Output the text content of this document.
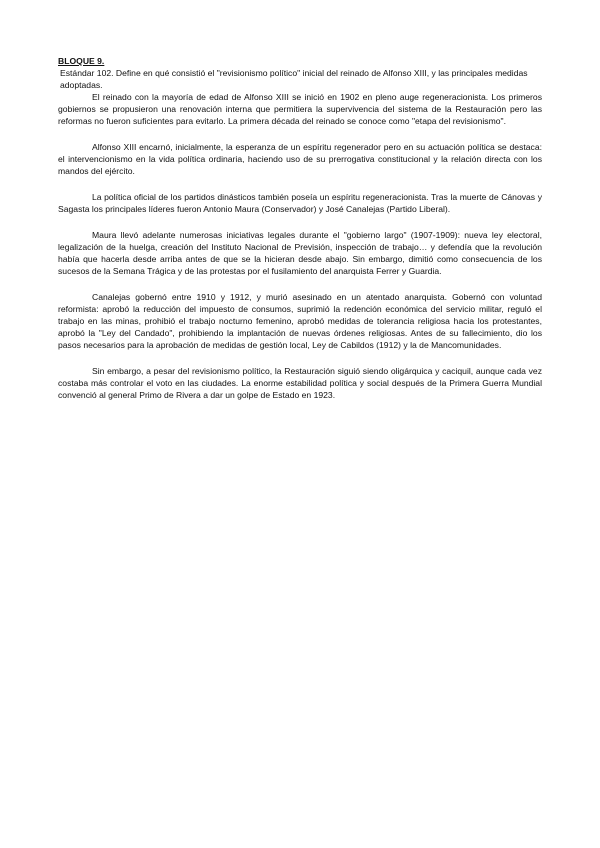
BLOQUE 9.

Estándar 102. Define en qué consistió el "revisionismo político" inicial del reinado de Alfonso XIII, y las principales medidas adoptadas.

El reinado con la mayoría de edad de Alfonso XIII se inició en 1902 en pleno auge regeneracionista. Los primeros gobiernos se propusieron una renovación interna que permitiera la supervivencia del sistema de la Restauración pero las reformas no fueron suficientes para evitarlo. La primera década del reinado se conoce como "etapa del revisionismo".

Alfonso XIII encarnó, inicialmente, la esperanza de un espíritu regenerador pero en su actuación política se destaca: el intervencionismo en la vida política ordinaria, haciendo uso de su prerrogativa constitucional y la relación directa con los mandos del ejército.

La política oficial de los partidos dinásticos también poseía un espíritu regeneracionista. Tras la muerte de Cánovas y Sagasta los principales líderes fueron Antonio Maura (Conservador) y José Canalejas (Partido Liberal).

Maura llevó adelante numerosas iniciativas legales durante el "gobierno largo" (1907-1909): nueva ley electoral, legalización de la huelga, creación del Instituto Nacional de Previsión, inspección de trabajo… y defendía que la revolución había que hacerla desde arriba antes de que se la hicieran desde abajo. Sin embargo, dimitió como consecuencia de los sucesos de la Semana Trágica y de las protestas por el fusilamiento del anarquista Ferrer y Guardia.

Canalejas gobernó entre 1910 y 1912, y murió asesinado en un atentado anarquista. Gobernó con voluntad reformista: aprobó la reducción del impuesto de consumos, suprimió la redención económica del servicio militar, reguló el trabajo en las minas, prohibió el trabajo nocturno femenino, aprobó medidas de tolerancia religiosa hacia los protestantes, aprobó la "Ley del Candado", prohibiendo la implantación de nuevas órdenes religiosas. Antes de su fallecimiento, dio los pasos necesarios para la aprobación de medidas de gestión local, Ley de Cabildos (1912) y la de Mancomunidades.

Sin embargo, a pesar del revisionismo político, la Restauración siguió siendo oligárquica y caciquil, aunque cada vez costaba más controlar el voto en las ciudades. La enorme estabilidad política y social después de la Primera Guerra Mundial convenció al general Primo de Rivera a dar un golpe de Estado en 1923.
